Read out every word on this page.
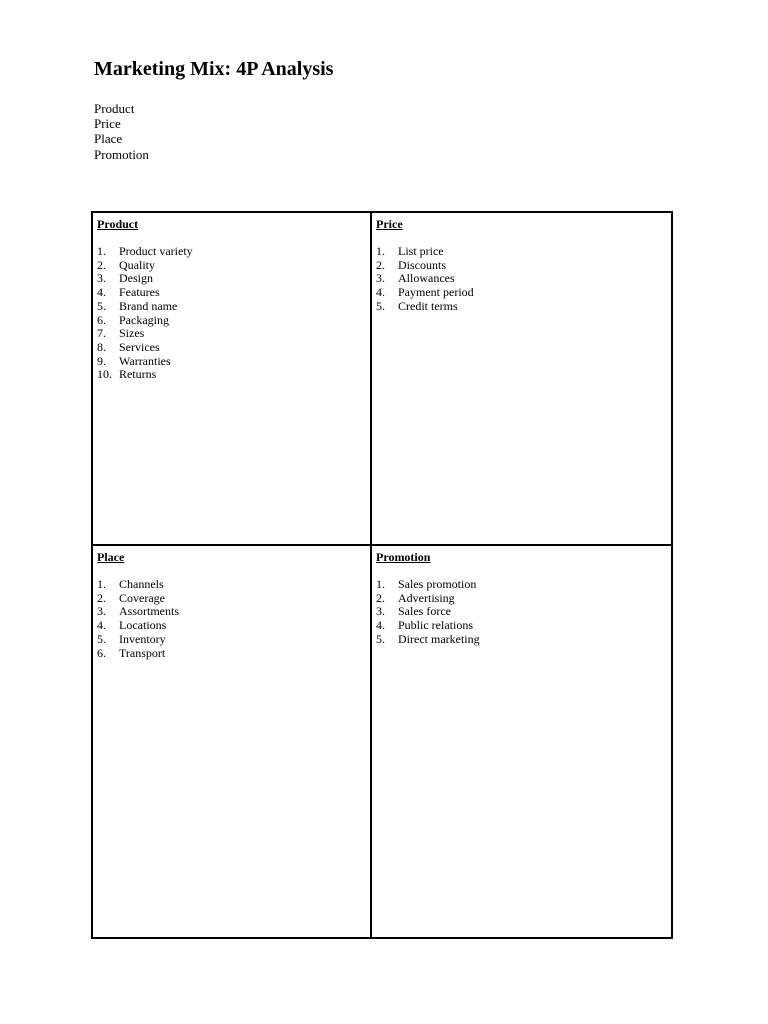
Marketing Mix: 4P Analysis
Product
Price
Place
Promotion
Product
1.	Product variety
2.	Quality
3.	Design
4.	Features
5.	Brand name
6.	Packaging
7.	Sizes
8.	Services
9.	Warranties
10. Returns
Price
1.	List price
2.	Discounts
3.	Allowances
4.	Payment period
5.	Credit terms
Place
1.	Channels
2.	Coverage
3.	Assortments
4.	Locations
5.	Inventory
6.	Transport
Promotion
1.	Sales promotion
2.	Advertising
3.	Sales force
4.	Public relations
5.	Direct marketing
